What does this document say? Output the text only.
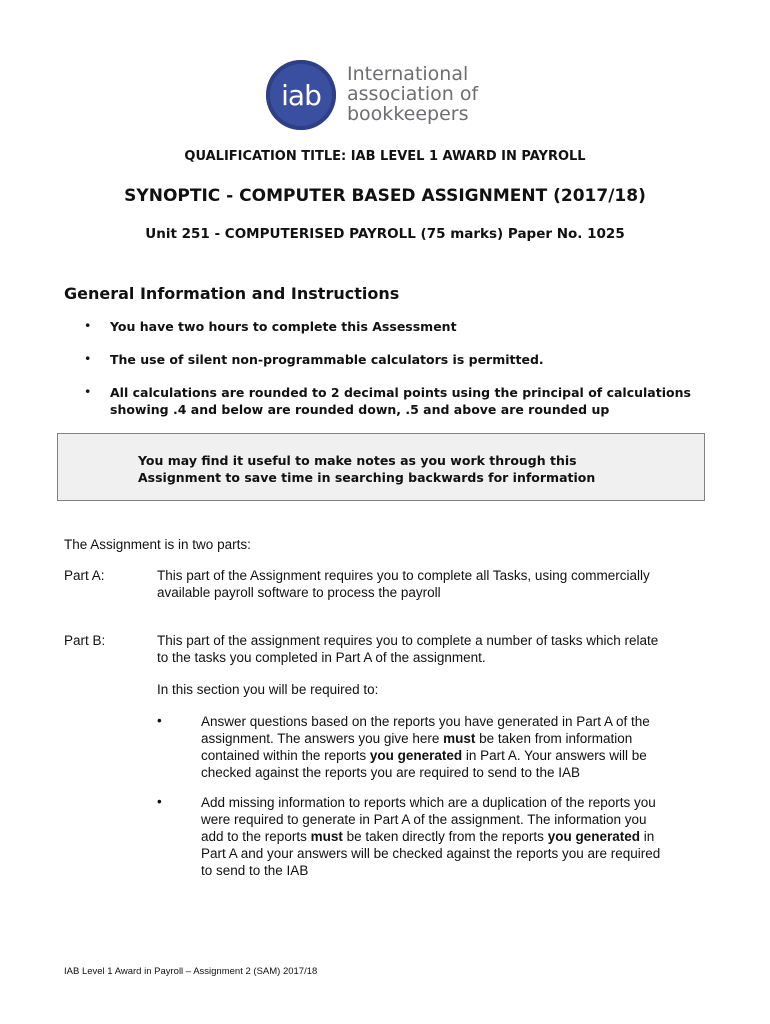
iab
International
association of
bookkeepers
QUALIFICATION TITLE: IAB LEVEL 1 AWARD IN PAYROLL
SYNOPTIC - COMPUTER BASED ASSIGNMENT (2017/18)
Unit 251 - COMPUTERISED PAYROLL (75 marks) Paper No. 1025
General Information and Instructions
• You have two hours to complete this Assessment
• The use of silent non-programmable calculators is permitted.
• All calculations are rounded to 2 decimal points using the principal of calculations showing .4 and below are rounded down, .5 and above are rounded up
You may find it useful to make notes as you work through this
Assignment to save time in searching backwards for information
The Assignment is in two parts:
Part A:	This part of the Assignment requires you to complete all Tasks, using commercially
available payroll software to process the payroll
Part B:	This part of the assignment requires you to complete a number of tasks which relate
to the tasks you completed in Part A of the assignment.
In this section you will be required to:
•	Answer questions based on the reports you have generated in Part A of the
assignment. The answers you give here must be taken from information
contained within the reports you generated in Part A. Your answers will be
checked against the reports you are required to send to the IAB
•	Add missing information to reports which are a duplication of the reports you
were required to generate in Part A of the assignment. The information you
add to the reports must be taken directly from the reports you generated in
Part A and your answers will be checked against the reports you are required
to send to the IAB
IAB Level 1 Award in Payroll – Assignment 2 (SAM) 2017/18
